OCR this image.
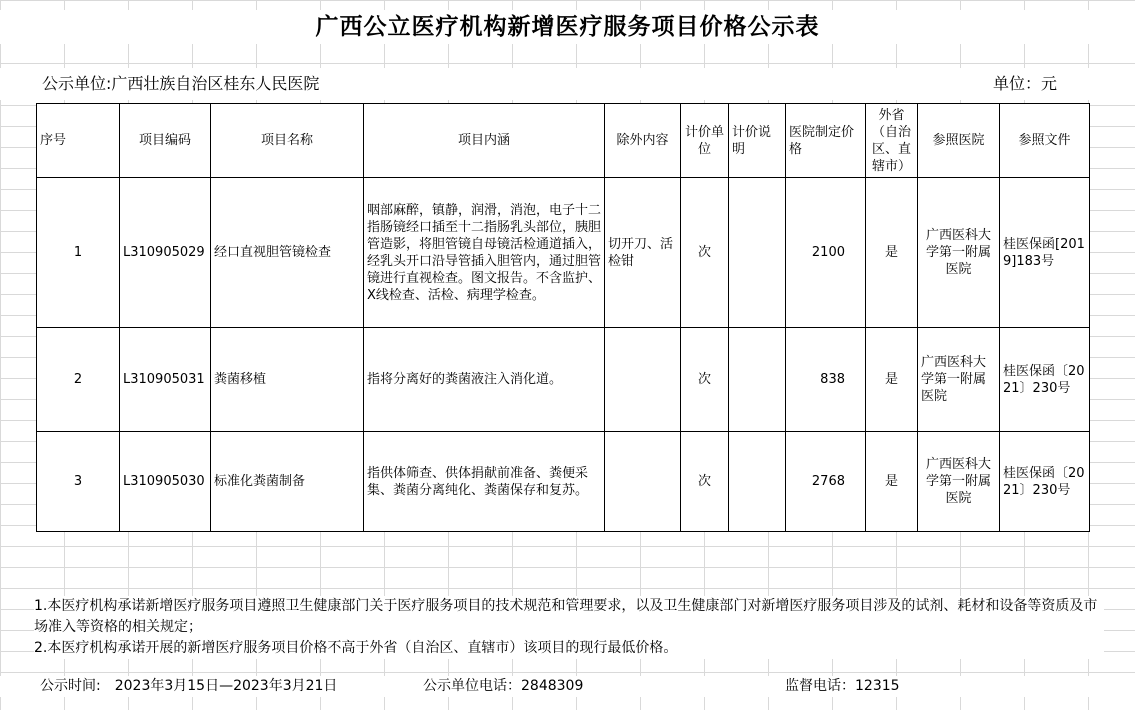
广西公立医疗机构新增医疗服务项目价格公示表
公示单位:广西壮族自治区桂东人民医院	单位：元
序号	项目编码	项目名称	项目内涵	除外内容	计价单位	计价说明	医院制定价格	外省（自治区、直辖市）	参照医院	参照文件
1	L310905029	经口直视胆管镜检查	咽部麻醉，镇静，润滑，消泡，电子十二指肠镜经口插至十二指肠乳头部位，胰胆管造影，将胆管镜自母镜活检通道插入，经乳头开口沿导管插入胆管内，通过胆管镜进行直视检查。图文报告。不含监护、X线检查、活检、病理学检查。	切开刀、活检钳	次		2100	是	广西医科大学第一附属医院	桂医保函[2019]183号
2	L310905031	粪菌移植	指将分离好的粪菌液注入消化道。		次		838	是	广西医科大学第一附属医院	桂医保函〔2021〕230号
3	L310905030	标准化粪菌制备	指供体筛查、供体捐献前准备、粪便采集、粪菌分离纯化、粪菌保存和复苏。		次		2768	是	广西医科大学第一附属医院	桂医保函〔2021〕230号
1.本医疗机构承诺新增医疗服务项目遵照卫生健康部门关于医疗服务项目的技术规范和管理要求，以及卫生健康部门对新增医疗服务项目涉及的试剂、耗材和设备等资质及市场准入等资格的相关规定；
2.本医疗机构承诺开展的新增医疗服务项目价格不高于外省（自治区、直辖市）该项目的现行最低价格。
公示时间: 2023年3月15日—2023年3月21日	公示单位电话：2848309	监督电话：12315
